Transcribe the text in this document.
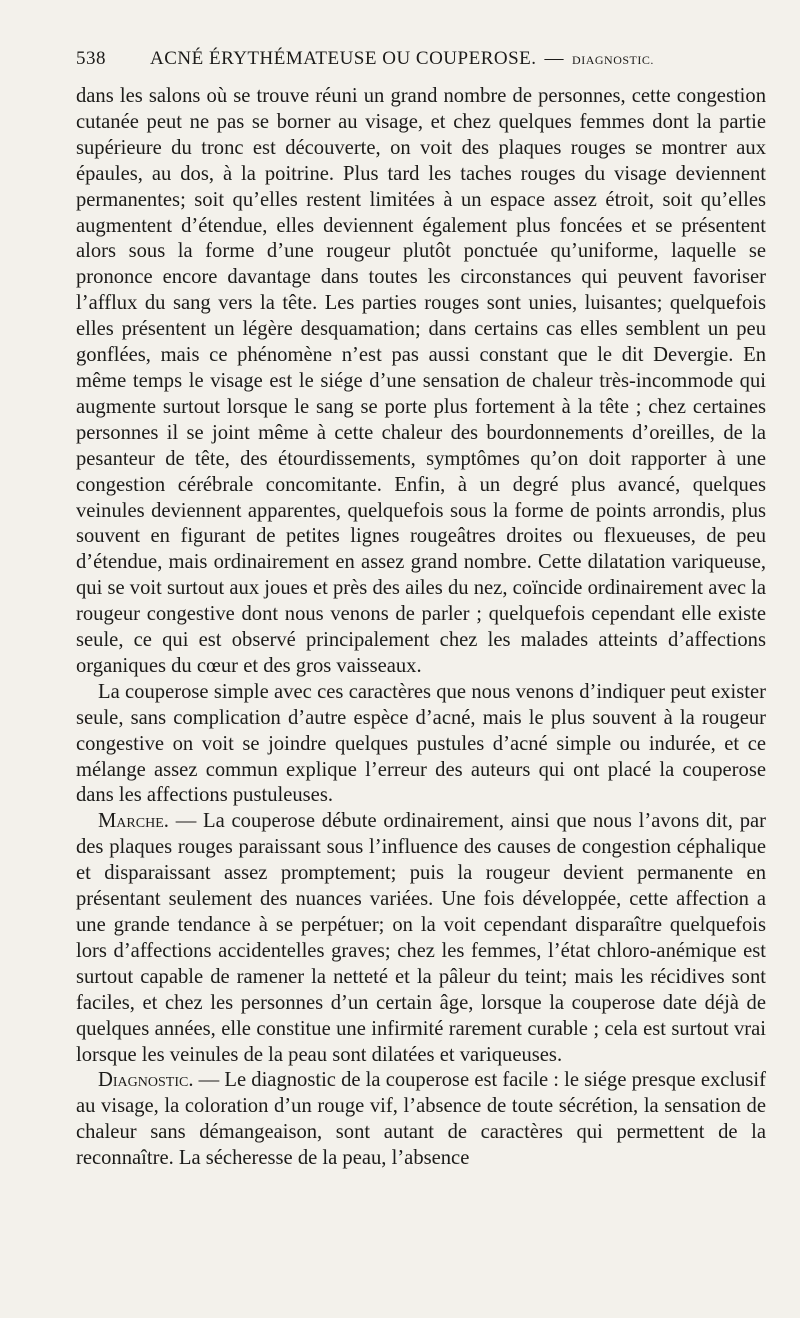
538	ACNÉ ÉRYTHÉMATEUSE OU COUPEROSE. — DIAGNOSTIC.

dans les salons où se trouve réuni un grand nombre de personnes, cette congestion cutanée peut ne pas se borner au visage, et chez quelques femmes dont la partie supérieure du tronc est découverte, on voit des plaques rouges se montrer aux épaules, au dos, à la poitrine. Plus tard les taches rouges du visage deviennent permanentes; soit qu’elles restent limitées à un espace assez étroit, soit qu’elles augmentent d’étendue, elles deviennent également plus foncées et se présentent alors sous la forme d’une rougeur plutôt ponctuée qu’uniforme, laquelle se prononce encore davantage dans toutes les circonstances qui peuvent favoriser l’afflux du sang vers la tête. Les parties rouges sont unies, luisantes; quelquefois elles présentent un légère desquamation; dans certains cas elles semblent un peu gonflées, mais ce phénomène n’est pas aussi constant que le dit Devergie. En même temps le visage est le siége d’une sensation de chaleur très-incommode qui augmente surtout lorsque le sang se porte plus fortement à la tête ; chez certaines personnes il se joint même à cette chaleur des bourdonnements d’oreilles, de la pesanteur de tête, des étourdissements, symptômes qu’on doit rapporter à une congestion cérébrale concomitante. Enfin, à un degré plus avancé, quelques veinules deviennent apparentes, quelquefois sous la forme de points arrondis, plus souvent en figurant de petites lignes rougeâtres droites ou flexueuses, de peu d’étendue, mais ordinairement en assez grand nombre. Cette dilatation variqueuse, qui se voit surtout aux joues et près des ailes du nez, coïncide ordinairement avec la rougeur congestive dont nous venons de parler ; quelquefois cependant elle existe seule, ce qui est observé principalement chez les malades atteints d’affections organiques du cœur et des gros vaisseaux.

La couperose simple avec ces caractères que nous venons d’indiquer peut exister seule, sans complication d’autre espèce d’acné, mais le plus souvent à la rougeur congestive on voit se joindre quelques pustules d’acné simple ou indurée, et ce mélange assez commun explique l’erreur des auteurs qui ont placé la couperose dans les affections pustuleuses.

Marche. — La couperose débute ordinairement, ainsi que nous l’avons dit, par des plaques rouges paraissant sous l’influence des causes de congestion céphalique et disparaissant assez promptement; puis la rougeur devient permanente en présentant seulement des nuances variées. Une fois développée, cette affection a une grande tendance à se perpétuer; on la voit cependant disparaître quelquefois lors d’affections accidentelles graves; chez les femmes, l’état chloro-anémique est surtout capable de ramener la netteté et la pâleur du teint; mais les récidives sont faciles, et chez les personnes d’un certain âge, lorsque la couperose date déjà de quelques années, elle constitue une infirmité rarement curable ; cela est surtout vrai lorsque les veinules de la peau sont dilatées et variqueuses.

Diagnostic. — Le diagnostic de la couperose est facile : le siége presque exclusif au visage, la coloration d’un rouge vif, l’absence de toute sécrétion, la sensation de chaleur sans démangeaison, sont autant de caractères qui permettent de la reconnaître. La sécheresse de la peau, l’absence
